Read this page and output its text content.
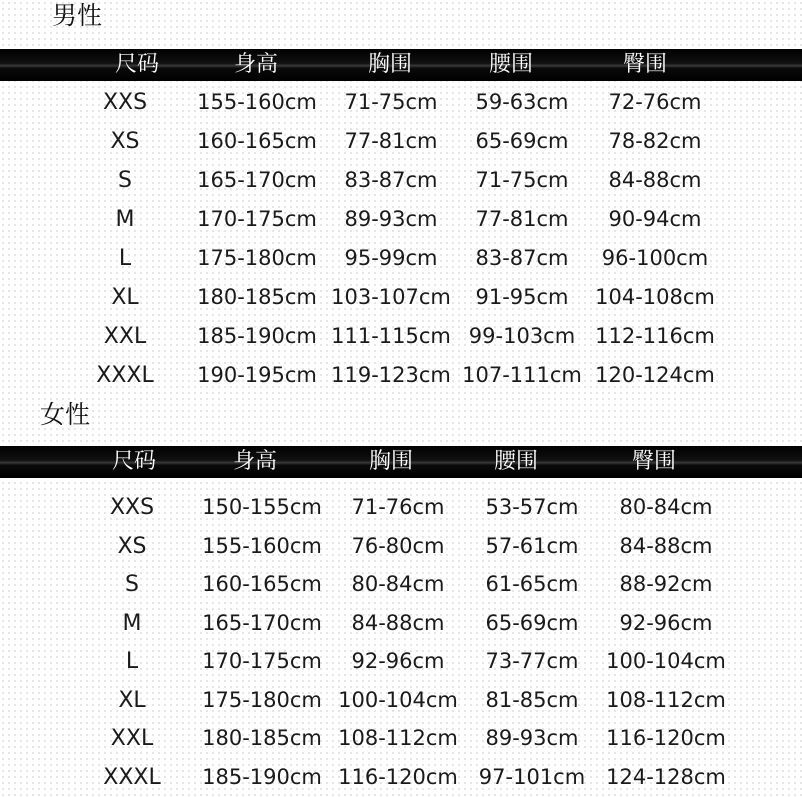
男性
尺码	身高	胸围	腰围	臀围
XXS 155-160cm 71-75cm 59-63cm 72-76cm
XS	160-165cm 77-81cm 65-69cm 78-82cm
S	165-170cm 83-87cm 71-75cm 84-88cm
M	170-175cm 89-93cm 77-81cm 90-94cm
L	175-180cm 95-99cm 83-87cm 96-100cm
XL	180-185cm 103-107cm 91-95cm 104-108cm
XXL 185-190cm 111-115cm 99-103cm 112-116cm
XXXL 190-195cm 119-123cm 107-111cm 120-124cm
女性
尺码	身高	胸围	腰围	臀围
XXS 150-155cm 71-76cm 53-57cm 80-84cm
XS	155-160cm 76-80cm 57-61cm 84-88cm
S	160-165cm 80-84cm 61-65cm 88-92cm
M	165-170cm 84-88cm 65-69cm 92-96cm
L	170-175cm 92-96cm 73-77cm 100-104cm
XL	175-180cm 100-104cm 81-85cm 108-112cm
XXL 180-185cm 108-112cm 89-93cm 116-120cm
XXXL 185-190cm 116-120cm 97-101cm 124-128cm
